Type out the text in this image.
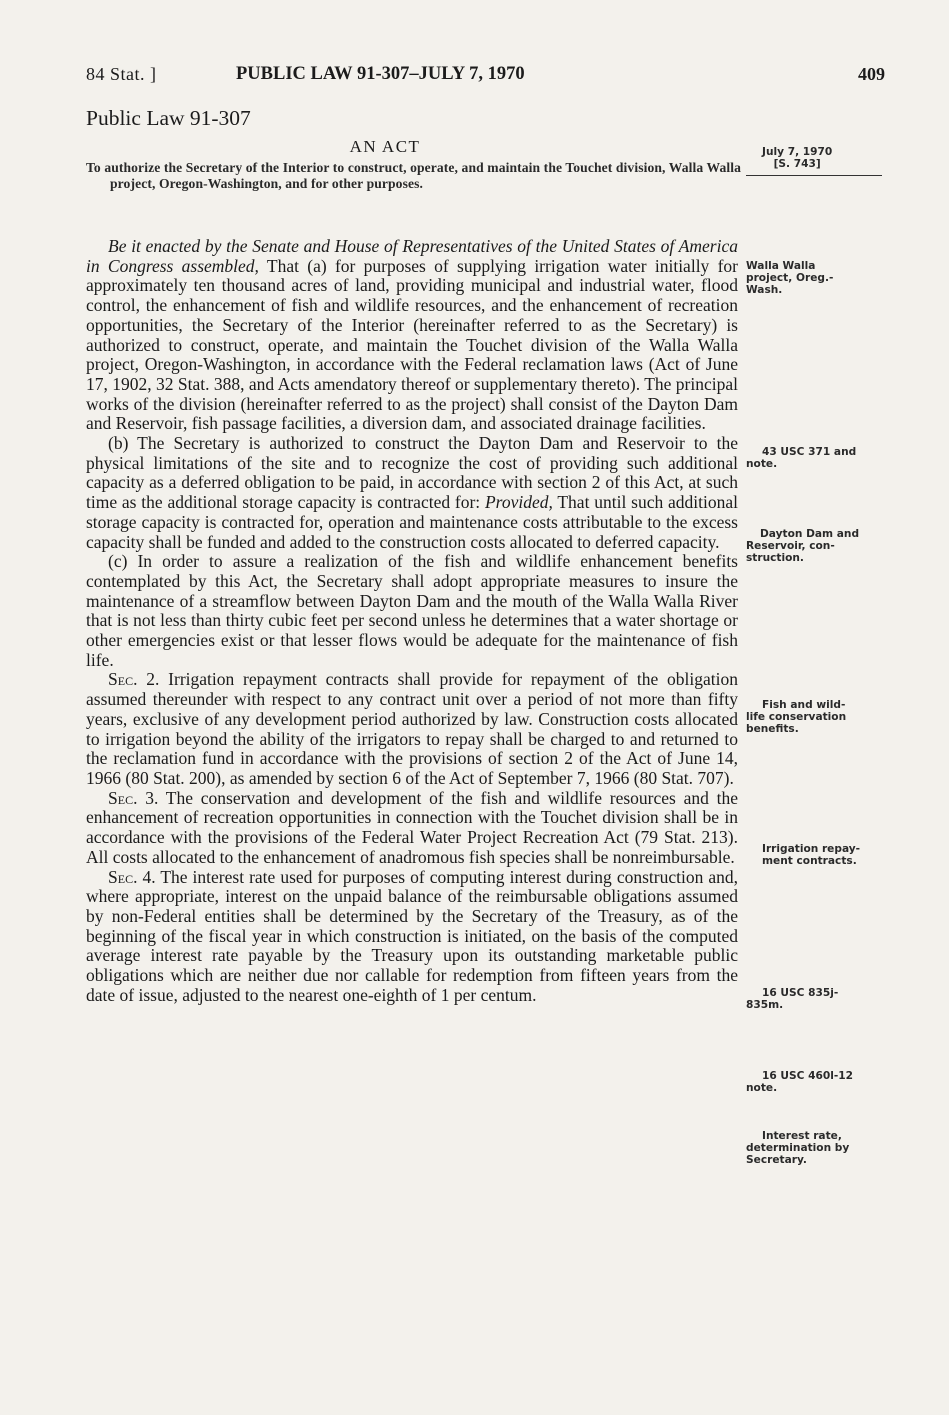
84 Stat. ]	PUBLIC LAW 91-307–JULY 7, 1970	409
Public Law 91-307
AN ACT
To authorize the Secretary of the Interior to construct, operate, and maintain the Touchet division, Walla Walla project, Oregon-Washington, and for other purposes.
July 7, 1970
[S. 743]
Walla Walla
project, Oreg.-
Wash.
43 USC 371 and
note.
Dayton Dam and
Reservoir, con-
struction.
Fish and wild-
life conservation
benefits.
Irrigation repay-
ment contracts.
16 USC 835j-
835m.
16 USC 460l-12
note.
Interest rate,
determination by
Secretary.

Be it enacted by the Senate and House of Representatives of the United States of America in Congress assembled, That (a) for purposes of supplying irrigation water initially for approximately ten thousand acres of land, providing municipal and industrial water, flood control, the enhancement of fish and wildlife resources, and the enhancement of recreation opportunities, the Secretary of the Interior (hereinafter referred to as the Secretary) is authorized to construct, operate, and maintain the Touchet division of the Walla Walla project, Oregon-Washington, in accordance with the Federal reclamation laws (Act of June 17, 1902, 32 Stat. 388, and Acts amendatory thereof or supplementary thereto). The principal works of the division (hereinafter referred to as the project) shall consist of the Dayton Dam and Reservoir, fish passage facilities, a diversion dam, and associated drainage facilities.

(b) The Secretary is authorized to construct the Dayton Dam and Reservoir to the physical limitations of the site and to recognize the cost of providing such additional capacity as a deferred obligation to be paid, in accordance with section 2 of this Act, at such time as the additional storage capacity is contracted for: Provided, That until such additional storage capacity is contracted for, operation and maintenance costs attributable to the excess capacity shall be funded and added to the construction costs allocated to deferred capacity.

(c) In order to assure a realization of the fish and wildlife enhancement benefits contemplated by this Act, the Secretary shall adopt appropriate measures to insure the maintenance of a streamflow between Dayton Dam and the mouth of the Walla Walla River that is not less than thirty cubic feet per second unless he determines that a water shortage or other emergencies exist or that lesser flows would be adequate for the maintenance of fish life.

Sec. 2. Irrigation repayment contracts shall provide for repayment of the obligation assumed thereunder with respect to any contract unit over a period of not more than fifty years, exclusive of any development period authorized by law. Construction costs allocated to irrigation beyond the ability of the irrigators to repay shall be charged to and returned to the reclamation fund in accordance with the provisions of section 2 of the Act of June 14, 1966 (80 Stat. 200), as amended by section 6 of the Act of September 7, 1966 (80 Stat. 707).

Sec. 3. The conservation and development of the fish and wildlife resources and the enhancement of recreation opportunities in connection with the Touchet division shall be in accordance with the provisions of the Federal Water Project Recreation Act (79 Stat. 213). All costs allocated to the enhancement of anadromous fish species shall be nonreimbursable.

Sec. 4. The interest rate used for purposes of computing interest during construction and, where appropriate, interest on the unpaid balance of the reimbursable obligations assumed by non-Federal entities shall be determined by the Secretary of the Treasury, as of the beginning of the fiscal year in which construction is initiated, on the basis of the computed average interest rate payable by the Treasury upon its outstanding marketable public obligations which are neither due nor callable for redemption from fifteen years from the date of issue, adjusted to the nearest one-eighth of 1 per centum.
